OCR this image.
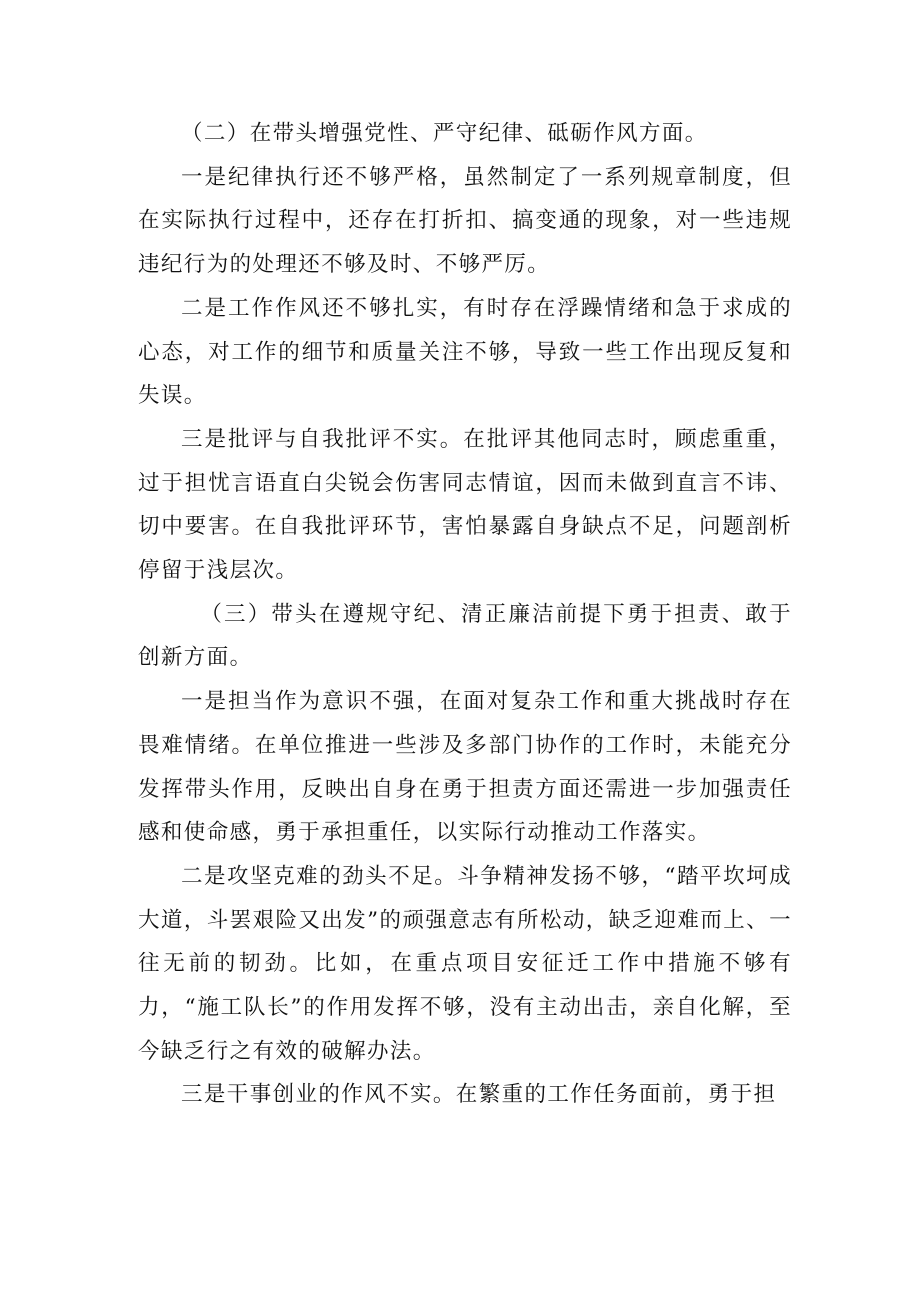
（二）在带头增强党性、严守纪律、砥砺作风方面。

一是纪律执行还不够严格，虽然制定了一系列规章制度，但在实际执行过程中，还存在打折扣、搞变通的现象，对一些违规违纪行为的处理还不够及时、不够严厉。

二是工作作风还不够扎实，有时存在浮躁情绪和急于求成的心态，对工作的细节和质量关注不够，导致一些工作出现反复和失误。

三是批评与自我批评不实。在批评其他同志时，顾虑重重，过于担忧言语直白尖锐会伤害同志情谊，因而未做到直言不讳、切中要害。在自我批评环节，害怕暴露自身缺点不足，问题剖析停留于浅层次。

（三）带头在遵规守纪、清正廉洁前提下勇于担责、敢于创新方面。

一是担当作为意识不强，在面对复杂工作和重大挑战时存在畏难情绪。在单位推进一些涉及多部门协作的工作时，未能充分发挥带头作用，反映出自身在勇于担责方面还需进一步加强责任感和使命感，勇于承担重任，以实际行动推动工作落实。

二是攻坚克难的劲头不足。斗争精神发扬不够，“踏平坎坷成大道，斗罢艰险又出发”的顽强意志有所松动，缺乏迎难而上、一往无前的韧劲。比如，在重点项目安征迁工作中措施不够有力，“施工队长”的作用发挥不够，没有主动出击，亲自化解，至今缺乏行之有效的破解办法。

三是干事创业的作风不实。在繁重的工作任务面前，勇于担
